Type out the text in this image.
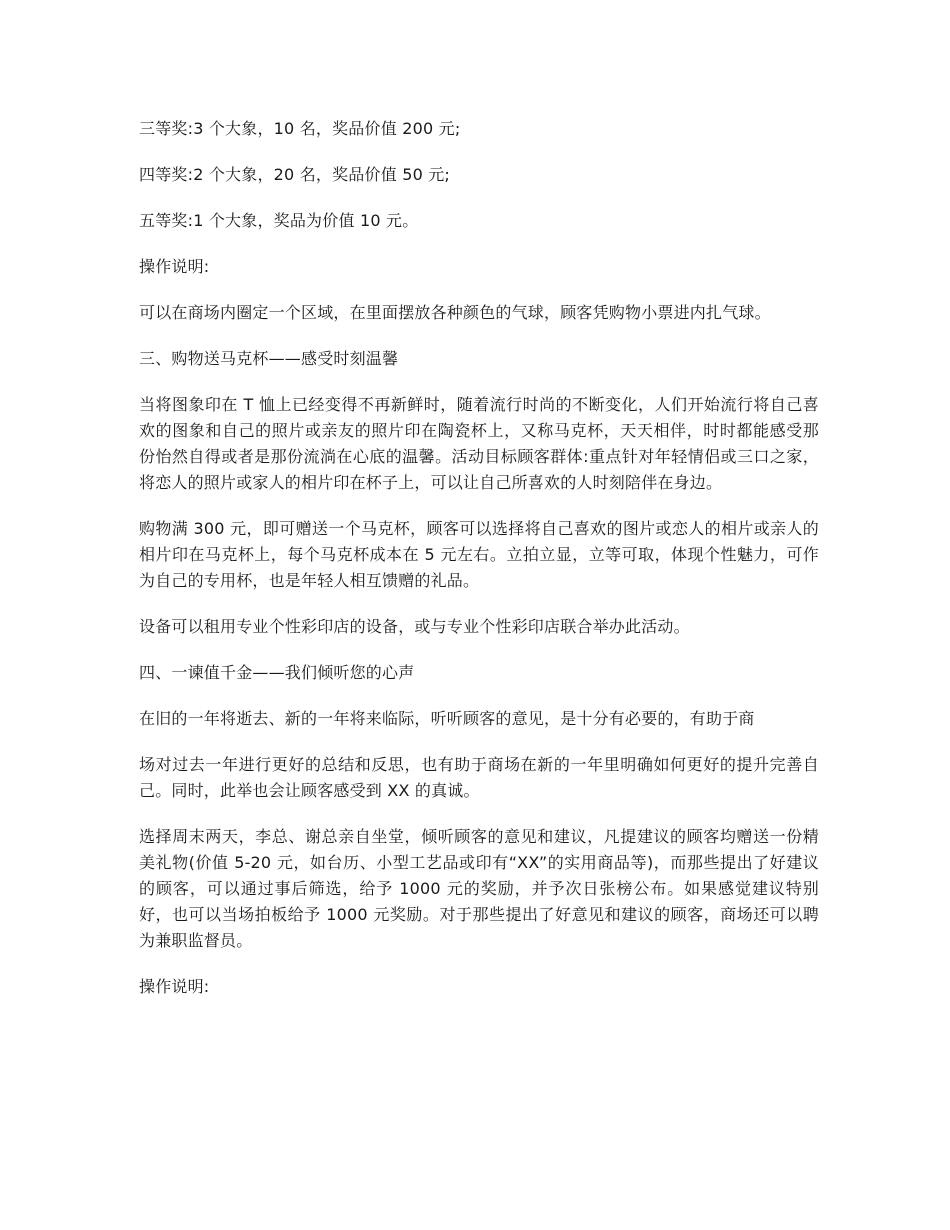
三等奖:3 个大象，10 名，奖品价值 200 元;

四等奖:2 个大象，20 名，奖品价值 50 元;

五等奖:1 个大象，奖品为价值 10 元。

操作说明:

可以在商场内圈定一个区域，在里面摆放各种颜色的气球，顾客凭购物小票进内扎气球。

三、购物送马克杯——感受时刻温馨

当将图象印在 T 恤上已经变得不再新鲜时，随着流行时尚的不断变化，人们开始流行将自己喜欢的图象和自己的照片或亲友的照片印在陶瓷杯上，又称马克杯，天天相伴，时时都能感受那份怡然自得或者是那份流淌在心底的温馨。活动目标顾客群体:重点针对年轻情侣或三口之家，将恋人的照片或家人的相片印在杯子上，可以让自己所喜欢的人时刻陪伴在身边。

购物满 300 元，即可赠送一个马克杯，顾客可以选择将自己喜欢的图片或恋人的相片或亲人的相片印在马克杯上，每个马克杯成本在 5 元左右。立拍立显，立等可取，体现个性魅力，可作为自己的专用杯，也是年轻人相互馈赠的礼品。

设备可以租用专业个性彩印店的设备，或与专业个性彩印店联合举办此活动。

四、一谏值千金——我们倾听您的心声

在旧的一年将逝去、新的一年将来临际，听听顾客的意见，是十分有必要的，有助于商

场对过去一年进行更好的总结和反思，也有助于商场在新的一年里明确如何更好的提升完善自己。同时，此举也会让顾客感受到 XX 的真诚。

选择周末两天，李总、谢总亲自坐堂，倾听顾客的意见和建议，凡提建议的顾客均赠送一份精美礼物(价值 5-20 元，如台历、小型工艺品或印有“XX”的实用商品等)，而那些提出了好建议的顾客，可以通过事后筛选，给予 1000 元的奖励，并予次日张榜公布。如果感觉建议特别好，也可以当场拍板给予 1000 元奖励。对于那些提出了好意见和建议的顾客，商场还可以聘为兼职监督员。

操作说明:
